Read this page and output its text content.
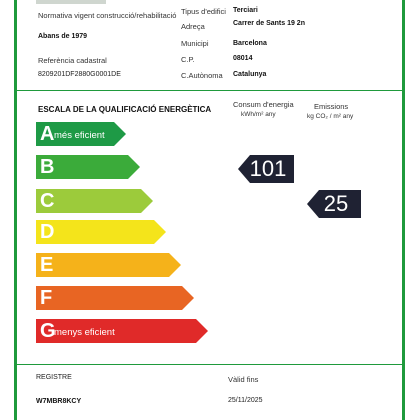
Normativa vigent construcció/rehabilitació
Abans de 1979
Referència cadastral
8209201DF2880G0001DE
Tipus d'edifici Terciari
Adreça	Carrer de Sants 19 2n
Municipi	Barcelona
C.P.	08014
C.Autònoma Catalunya
ESCALA DE LA QUALIFICACIÓ ENERGÈTICA
Consum d'energia
kWh/m² any
Emissions
kg CO₂ / m² any
A més eficient
B
C
D
E
F
G
menys eficient
101
25
REGISTRE
W7MBR8KCY
Vàlid fins
25/11/2025
